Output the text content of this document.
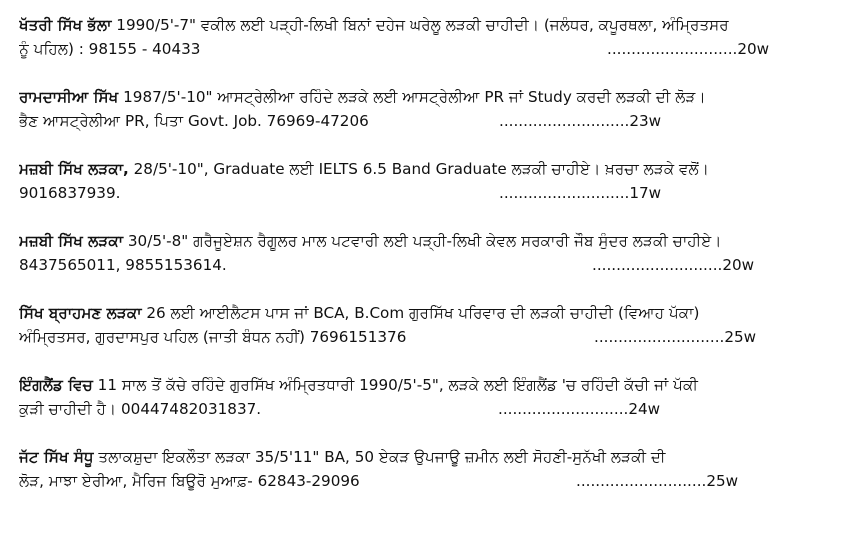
ਖੱਤਰੀ ਸਿੱਖ ਭੱਲਾ 1990/5'-7" ਵਕੀਲ ਲਈ ਪੜ੍ਹੀ-ਲਿਖੀ ਬਿਨਾਂ ਦਹੇਜ ਘਰੇਲੂ ਲੜਕੀ ਚਾਹੀਦੀ। (ਜਲੰਧਰ, ਕਪੂਰਥਲਾ, ਅੰਮ੍ਰਿਤਸਰ
ਨੂੰ ਪਹਿਲ) : 98155 - 40433	...........................20w
ਰਾਮਦਾਸੀਆ ਸਿੱਖ 1987/5'-10" ਆਸਟ੍ਰੇਲੀਆ ਰਹਿੰਦੇ ਲੜਕੇ ਲਈ ਆਸਟ੍ਰੇਲੀਆ PR ਜਾਂ Study ਕਰਦੀ ਲੜਕੀ ਦੀ ਲੋੜ।
ਭੈਣ ਆਸਟ੍ਰੇਲੀਆ PR, ਪਿਤਾ Govt. Job. 76969-47206	...........................23w
ਮਜ਼ਬੀ ਸਿੱਖ ਲੜਕਾ, 28/5'-10", Graduate ਲਈ IELTS 6.5 Band Graduate ਲੜਕੀ ਚਾਹੀਏ। ਖ਼ਰਚਾ ਲੜਕੇ ਵਲੋਂ।
9016837939.	...........................17w
ਮਜ਼ਬੀ ਸਿੱਖ ਲੜਕਾ 30/5'-8" ਗਰੈਜੂਏਸ਼ਨ ਰੈਗੂਲਰ ਮਾਲ ਪਟਵਾਰੀ ਲਈ ਪੜ੍ਹੀ-ਲਿਖੀ ਕੇਵਲ ਸਰਕਾਰੀ ਜੌਬ ਸੁੰਦਰ ਲੜਕੀ ਚਾਹੀਏ।
8437565011, 9855153614.	...........................20w
ਸਿੱਖ ਬ੍ਰਾਹਮਣ ਲੜਕਾ 26 ਲਈ ਆਈਲੈਟਸ ਪਾਸ ਜਾਂ BCA, B.Com ਗੁਰਸਿੱਖ ਪਰਿਵਾਰ ਦੀ ਲੜਕੀ ਚਾਹੀਦੀ (ਵਿਆਹ ਪੱਕਾ)
ਅੰਮ੍ਰਿਤਸਰ, ਗੁਰਦਾਸਪੁਰ ਪਹਿਲ (ਜਾਤੀ ਬੰਧਨ ਨਹੀਂ) 7696151376	...........................25w
ਇੰਗਲੈਂਡ ਵਿਚ 11 ਸਾਲ ਤੋਂ ਕੱਚੇ ਰਹਿੰਦੇ ਗੁਰਸਿੱਖ ਅੰਮ੍ਰਿਤਧਾਰੀ 1990/5'-5", ਲੜਕੇ ਲਈ ਇੰਗਲੈਂਡ 'ਚ ਰਹਿੰਦੀ ਕੱਚੀ ਜਾਂ ਪੱਕੀ
ਕੁੜੀ ਚਾਹੀਦੀ ਹੈ। 00447482031837.	...........................24w
ਜੱਟ ਸਿੱਖ ਸੰਧੂ ਤਲਾਕਸ਼ੁਦਾ ਇਕਲੌਤਾ ਲੜਕਾ 35/5'11" BA, 50 ਏਕੜ ਉਪਜਾਊ ਜ਼ਮੀਨ ਲਈ ਸੋਹਣੀ-ਸੁਨੱਖੀ ਲੜਕੀ ਦੀ
ਲੋੜ, ਮਾਝਾ ਏਰੀਆ, ਮੈਰਿਜ ਬਿਊਰੋ ਮੁਆਫ਼- 62843-29096	...........................25w
